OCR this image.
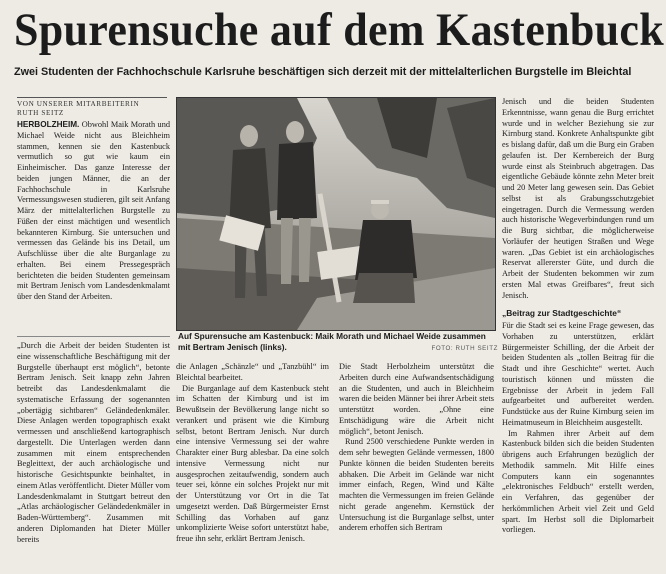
Spurensuche auf dem Kastenbuck
Zwei Studenten der Fachhochschule Karlsruhe beschäftigen sich derzeit mit der mittelalterlichen Burgstelle im Bleichtal
VON UNSERER MITARBEITERIN
RUTH SEITZ
HERBOLZHEIM. Obwohl Maik Morath und Michael Weide nicht aus Bleichheim stammen, kennen sie den Kastenbuck vermutlich so gut wie kaum ein Einheimischer. Das ganze Interesse der beiden jungen Männer, die an der Fachhochschule in Karlsruhe Vermessungswesen studieren, gilt seit Anfang März der mittelalterlichen Burgstelle zu Füßen der einst mächtigen und wesentlich bekannteren Kirnburg. Sie untersuchen und vermessen das Gelände bis ins Detail, um Aufschlüsse über die alte Burganlage zu erhalten. Bei einem Pressegespräch berichteten die beiden Studenten gemeinsam mit Bertram Jenisch vom Landesdenkmalamt über den Stand der Arbeiten.
Auf Spurensuche am Kastenbuck: Maik Morath und Michael Weide zusammen mit Bertram Jenisch (links).	FOTO: RUTH SEITZ

„Durch die Arbeit der beiden Studenten ist eine wissenschaftliche Beschäftigung mit der Burgstelle überhaupt erst möglich“, betonte Bertram Jenisch. Seit knapp zehn Jahren betreibt das Landesdenkmalamt die systematische Erfassung der sogenannten „obertägig sichtbaren“ Geländedenkmäler. Diese Anlagen werden topographisch exakt vermessen und anschließend kartographisch dargestellt. Die Unterlagen werden dann zusammen mit einem entsprechenden Begleittext, der auch archäologische und historische Gesichtspunkte beinhaltet, in einem Atlas veröffentlicht. Dieter Müller vom Landesdenkmalamt in Stuttgart betreut den „Atlas archäologischer Geländedenkmäler in Baden-Württemberg“. Zusammen mit anderen Diplomanden hat Dieter Müller bereits

die Anlagen „Schänzle“ und „Tanzbühl“ im Bleichtal bearbeitet.

Die Burganlage auf dem Kastenbuck steht im Schatten der Kirnburg und ist im Bewußtsein der Bevölkerung lange nicht so verankert und präsent wie die Kirnburg selbst, betont Bertram Jenisch. Nur durch eine intensive Vermessung sei der wahre Charakter einer Burg ablesbar. Da eine solch intensive Vermessung nicht nur ausgesprochen zeitaufwendig, sondern auch teuer sei, könne ein solches Projekt nur mit der Unterstützung vor Ort in die Tat umgesetzt werden. Daß Bürgermeister Ernst Schilling das Vorhaben auf ganz unkomplizierte Weise sofort unterstützt habe, freue ihn sehr, erklärt Bertram Jenisch.

Die Stadt Herbolzheim unterstützt die Arbeiten durch eine Aufwandsentschädigung an die Studenten, und auch in Bleichheim waren die beiden Männer bei ihrer Arbeit stets unterstützt worden. „Ohne eine Entschädigung wäre die Arbeit nicht möglich“, betont Jenisch.

Rund 2500 verschiedene Punkte werden in dem sehr bewegten Gelände vermessen, 1800 Punkte können die beiden Studenten bereits abhaken. Die Arbeit im Gelände war nicht immer einfach, Regen, Wind und Kälte machten die Vermessungen im freien Gelände nicht gerade angenehm. Kernstück der Untersuchung ist die Burganlage selbst, unter anderem erhoffen sich Bertram

Jenisch und die beiden Studenten Erkenntnisse, wann genau die Burg errichtet wurde und in welcher Beziehung sie zur Kirnburg stand. Konkrete Anhaltspunkte gibt es bislang dafür, daß um die Burg ein Graben gelaufen ist. Der Kernbereich der Burg wurde einst als Steinbruch abgetragen. Das eigentliche Gebäude könnte zehn Meter breit und 20 Meter lang gewesen sein. Das Gebiet selbst ist als Grabungsschutzgebiet eingetragen. Durch die Vermessung werden auch historische Wegeverbindungen rund um die Burg sichtbar, die möglicherweise Vorläufer der heutigen Straßen und Wege waren. „Das Gebiet ist ein archäologisches Reservat allererster Güte, und durch die Arbeit der Studenten bekommen wir zum ersten Mal etwas Greifbares“, freut sich Jenisch.

„Beitrag zur Stadtgeschichte“

Für die Stadt sei es keine Frage gewesen, das Vorhaben zu unterstützen, erklärt Bürgermeister Schilling, der die Arbeit der beiden Studenten als „tollen Beitrag für die Stadt und ihre Geschichte“ wertet. Auch touristisch können und müssten die Ergebnisse der Arbeit in jedem Fall aufgearbeitet und aufbereitet werden. Fundstücke aus der Ruine Kirnburg seien im Heimatmuseum in Bleichheim ausgestellt.

Im Rahmen ihrer Arbeit auf dem Kastenbuck bilden sich die beiden Studenten übrigens auch Erfahrungen bezüglich der Methodik sammeln. Mit Hilfe eines Computers kann ein sogenanntes „elektronisches Feldbuch“ erstellt werden, ein Verfahren, das gegenüber der herkömmlichen Arbeit viel Zeit und Geld spart. Im Herbst soll die Diplomarbeit vorliegen.
